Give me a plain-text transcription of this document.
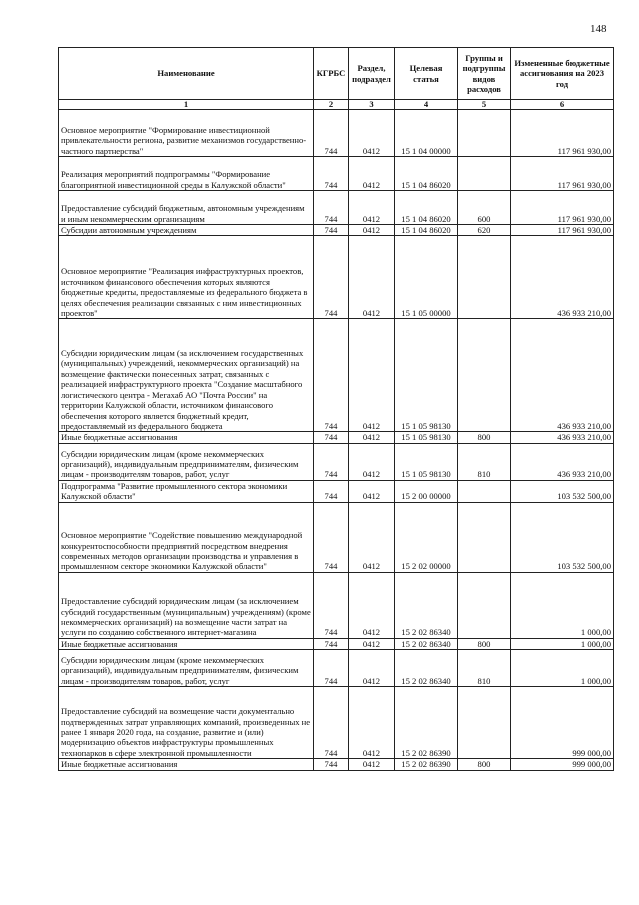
148
Наименование	КГРБС	Раздел, подраздел	Целевая статья	Группы и подгруппы видов расходов	Измененные бюджетные ассигнования на 2023 год
1	2	3	4	5	6
Основное мероприятие "Формирование инвестиционной привлекательности региона, развитие механизмов государственно-частного партнерства"	744	0412	15 1 04 00000		117 961 930,00
Реализация мероприятий подпрограммы "Формирование благоприятной инвестиционной среды в Калужской области"	744	0412	15 1 04 86020		117 961 930,00
Предоставление субсидий бюджетным, автономным учреждениям и иным некоммерческим организациям	744	0412	15 1 04 86020	600	117 961 930,00
Субсидии автономным учреждениям	744	0412	15 1 04 86020	620	117 961 930,00
Основное мероприятие "Реализация инфраструктурных проектов, источником финансового обеспечения которых являются бюджетные кредиты, предоставляемые из федерального бюджета в целях обеспечения реализации связанных с ним инвестиционных проектов"	744	0412	15 1 05 00000		436 933 210,00
Субсидии юридическим лицам (за исключением государственных (муниципальных) учреждений, некоммерческих организаций) на возмещение фактически понесенных затрат, связанных с реализацией инфраструктурного проекта "Создание масштабного логистического центра - Мегахаб АО "Почта России" на территории Калужской области, источником финансового обеспечения которого является бюджетный кредит, предоставляемый из федерального бюджета	744	0412	15 1 05 98130		436 933 210,00
Иные бюджетные ассигнования	744	0412	15 1 05 98130	800	436 933 210,00
Субсидии юридическим лицам (кроме некоммерческих организаций), индивидуальным предпринимателям, физическим лицам - производителям товаров, работ, услуг	744	0412	15 1 05 98130	810	436 933 210,00
Подпрограмма "Развитие промышленного сектора экономики Калужской области"	744	0412	15 2 00 00000		103 532 500,00
Основное мероприятие "Содействие повышению международной конкурентоспособности предприятий посредством внедрения современных методов организации производства и управления в промышленном секторе экономики Калужской области"	744	0412	15 2 02 00000		103 532 500,00
Предоставление субсидий юридическим лицам (за исключением субсидий государственным (муниципальным) учреждениям) (кроме некоммерческих организаций) на возмещение части затрат на услуги по созданию собственного интернет-магазина	744	0412	15 2 02 86340		1 000,00
Иные бюджетные ассигнования	744	0412	15 2 02 86340	800	1 000,00
Субсидии юридическим лицам (кроме некоммерческих организаций), индивидуальным предпринимателям, физическим лицам - производителям товаров, работ, услуг	744	0412	15 2 02 86340	810	1 000,00
Предоставление субсидий на возмещение части документально подтвержденных затрат управляющих компаний, произведенных не ранее 1 января 2020 года, на создание, развитие и (или) модернизацию объектов инфраструктуры промышленных технопарков в сфере электронной промышленности	744	0412	15 2 02 86390		999 000,00
Иные бюджетные ассигнования	744	0412	15 2 02 86390	800	999 000,00
